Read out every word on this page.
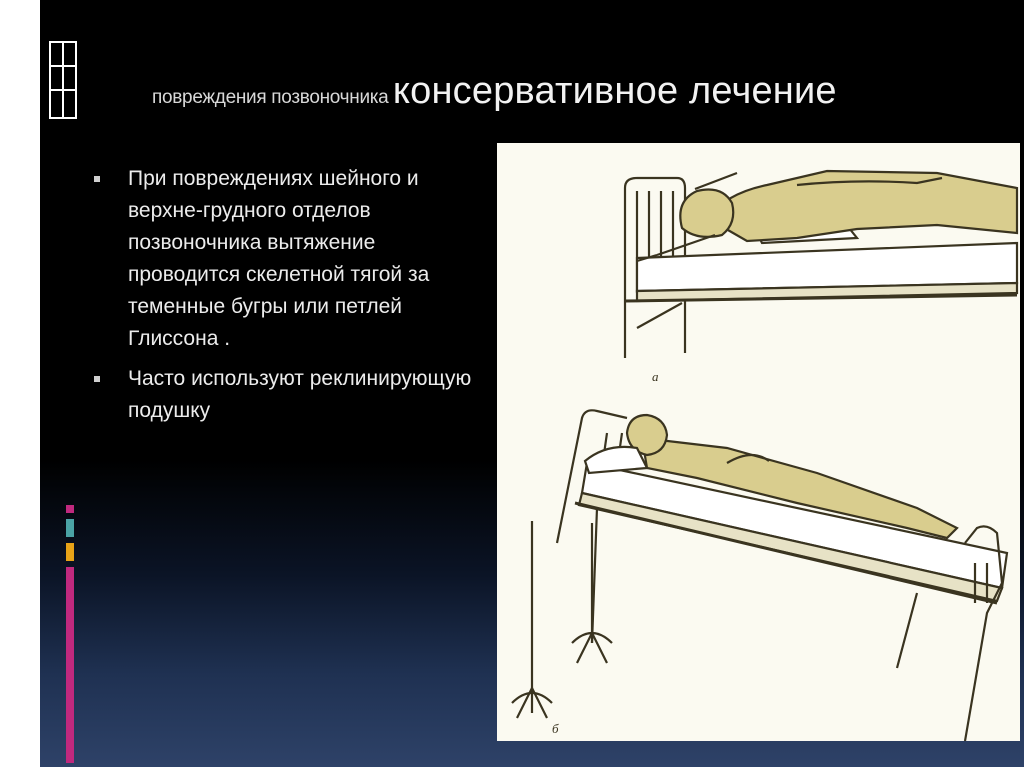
повреждения позвоночника консервативное лечение
При повреждениях шейного и верхне-грудного отделов позвоночника вытяжение проводится скелетной тягой за теменные бугры или петлей Глиссона .
Часто используют реклинирующую подушку
а
б
